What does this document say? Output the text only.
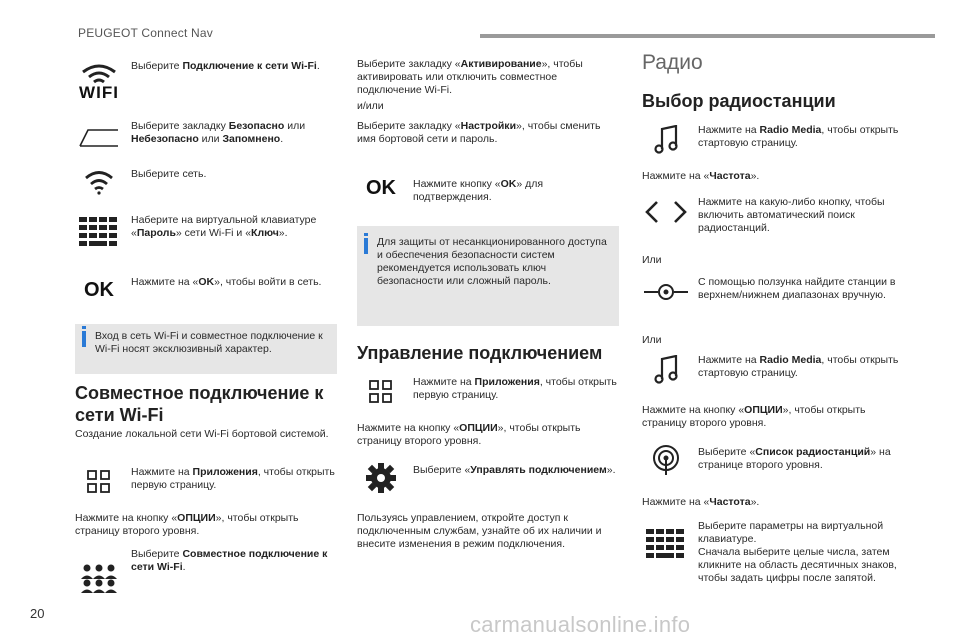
PEUGEOT Connect Nav
20
WIFI
Выберите Подключение к сети Wi-Fi.
Выберите закладку Безопасно или Небезопасно или Запомнено.
Выберите сеть.
Наберите на виртуальной клавиатуре «Пароль» сети Wi-Fi и «Ключ».
OK Нажмите на «OK», чтобы войти в сеть.
Вход в сеть Wi-Fi и совместное подключение к Wi-Fi носят эксклюзивный характер.
Совместное подключение к сети Wi-Fi
Создание локальной сети Wi-Fi бортовой системой.
Нажмите на Приложения, чтобы открыть первую страницу.
Нажмите на кнопку «ОПЦИИ», чтобы открыть страницу второго уровня.
Выберите Совместное подключение к сети Wi-Fi.
Выберите закладку «Активирование», чтобы активировать или отключить совместное подключение Wi-Fi.
и/или
Выберите закладку «Настройки», чтобы сменить имя бортовой сети и пароль.
OK Нажмите кнопку «OK» для подтверждения.
Для защиты от несанкционированного доступа и обеспечения безопасности систем рекомендуется использовать ключ безопасности или сложный пароль.
Управление подключением
Нажмите на Приложения, чтобы открыть первую страницу.
Нажмите на кнопку «ОПЦИИ», чтобы открыть страницу второго уровня.
Выберите «Управлять подключением».
Пользуясь управлением, откройте доступ к подключенным службам, узнайте об их наличии и внесите изменения в режим подключения.
Радио
Выбор радиостанции
Нажмите на Radio Media, чтобы открыть стартовую страницу.
Нажмите на «Частота».
Нажмите на какую-либо кнопку, чтобы включить автоматический поиск радиостанций.
Или
С помощью ползунка найдите станции в верхнем/нижнем диапазонах вручную.
Или
Нажмите на Radio Media, чтобы открыть стартовую страницу.
Нажмите на кнопку «ОПЦИИ», чтобы открыть страницу второго уровня.
Выберите «Список радиостанций» на странице второго уровня.
Нажмите на «Частота».
Выберите параметры на виртуальной клавиатуре.
Сначала выберите целые числа, затем кликните на область десятичных знаков, чтобы задать цифры после запятой.
carmanualsonline.info
